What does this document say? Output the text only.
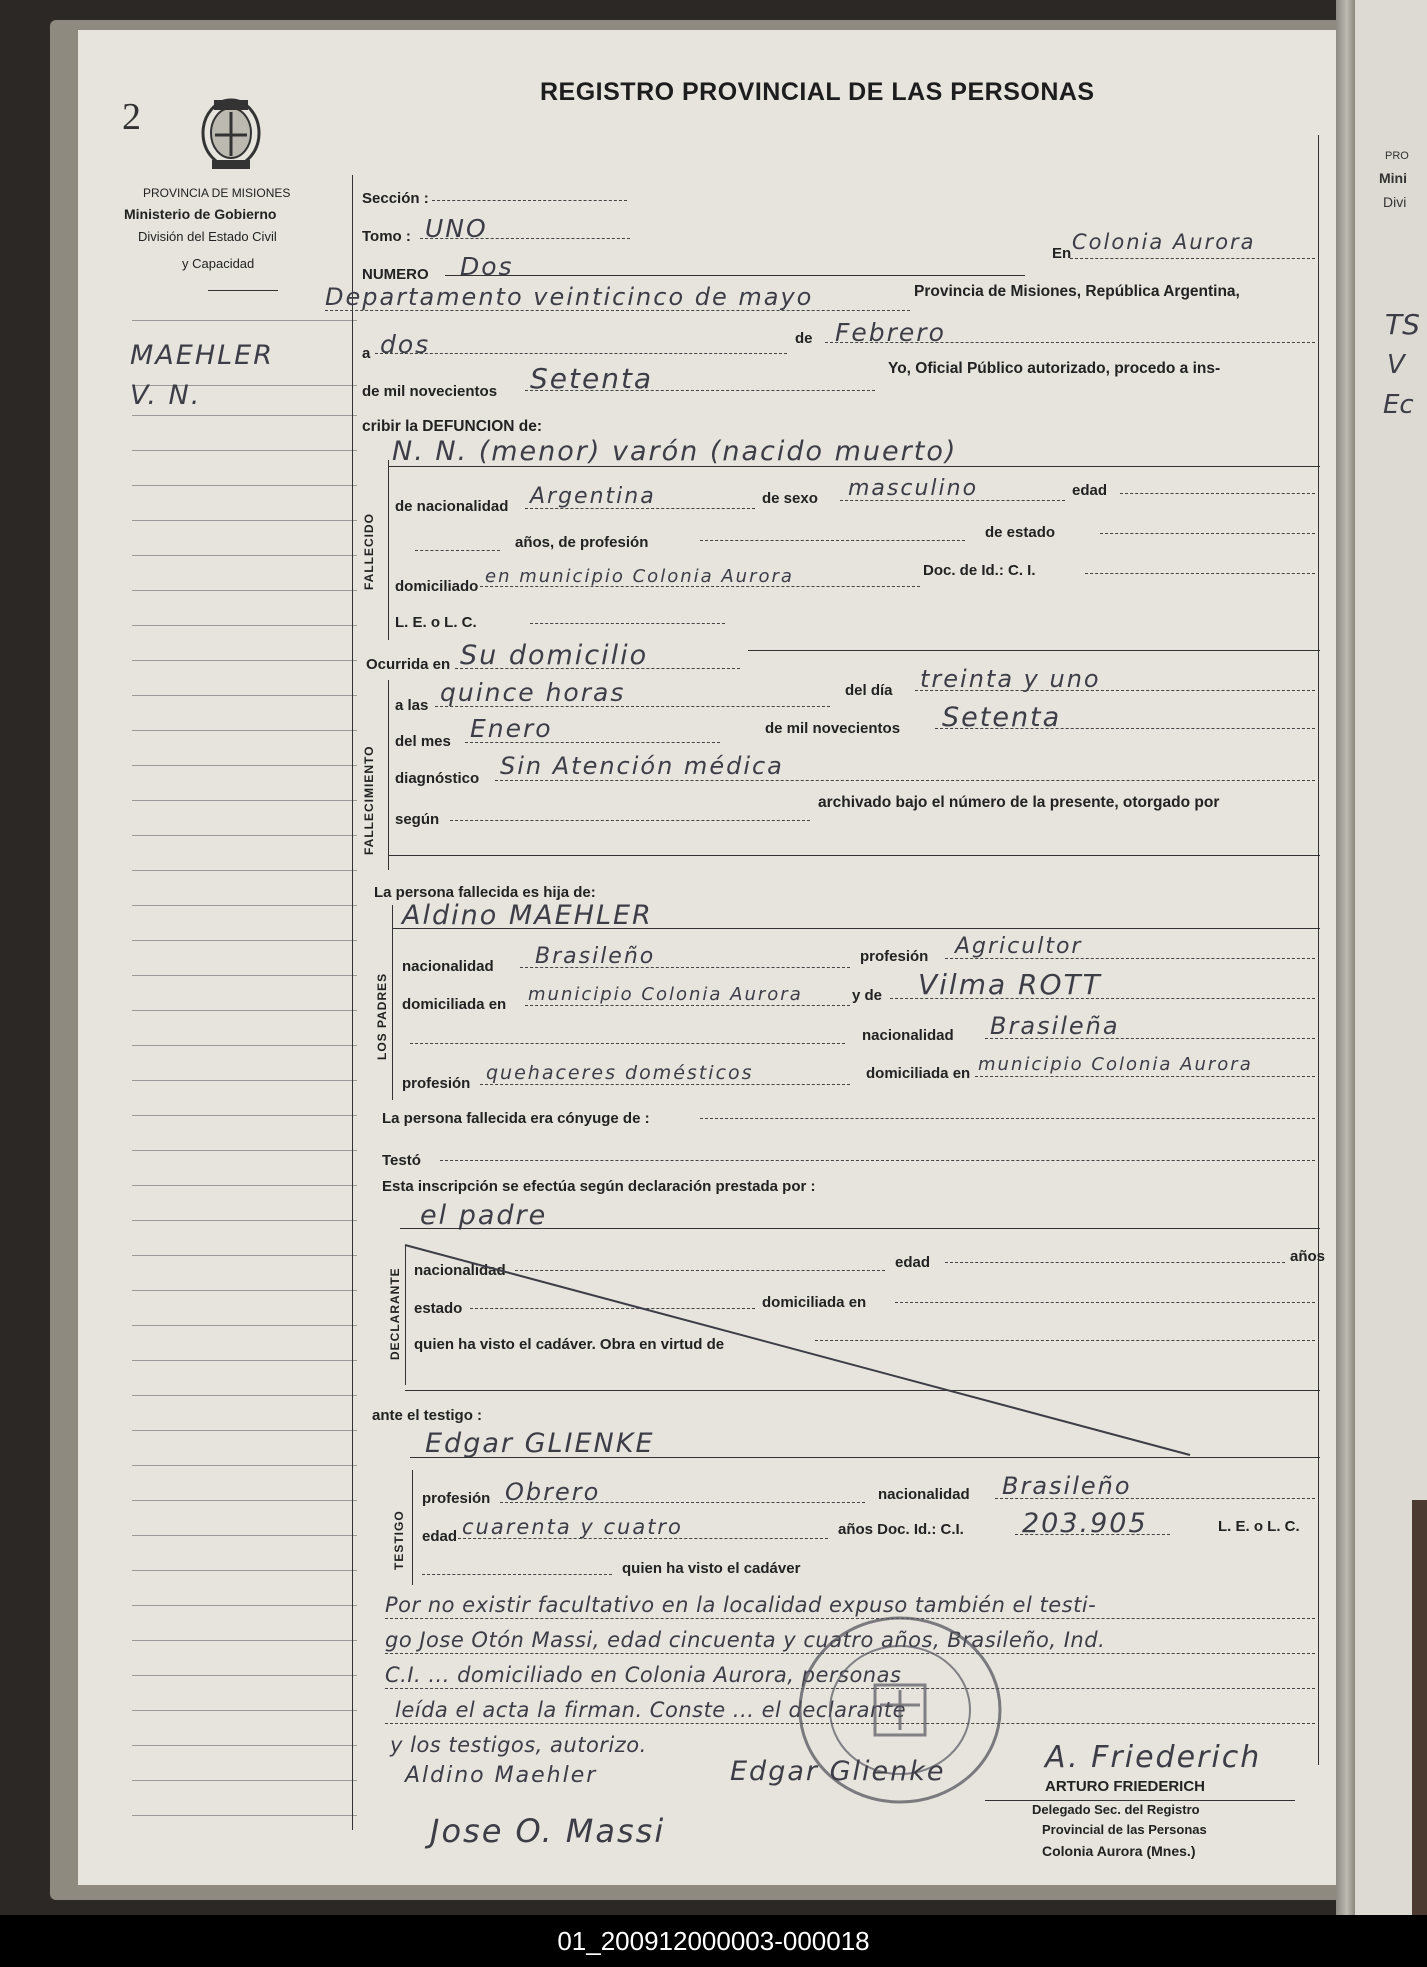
PRO
Mini
Divi
TS
V
Ec
2
REGISTRO PROVINCIAL DE LAS PERSONAS
PROVINCIA DE MISIONES
Ministerio de Gobierno
División del Estado Civil
y Capacidad
MAEHLER
V. N.
Sección :
Tomo : UNO
NUMERO Dos	En Colonia Aurora
Departamento veinticinco de mayo	Provincia de Misiones, República Argentina,
a dos	de Febrero
de mil novecientos Setenta	Yo, Oficial Público autorizado, procedo a ins-
cribir la DEFUNCION de:
FALLECIDO
N. N. (menor) varón (nacido muerto)
de nacionalidad Argentina	de sexo masculino	edad
años, de profesión
de estado
domiciliado en municipio Colonia Aurora	Doc. de Id.: C. I.
L. E. o L. C.
Ocurrida en Su domicilio
FALLECIMIENTO
a las quince horas	del día treinta y uno
del mes Enero	de mil novecientos Setenta
diagnóstico Sin Atención médica
según
archivado bajo el número de la presente, otorgado por
La persona fallecida es hija de:
LOS PADRES
Aldino MAEHLER
nacionalidad Brasileño	profesión Agricultor
domiciliada en municipio Colonia Aurora	y de Vilma ROTT
nacionalidad Brasileña
profesión quehaceres domésticos	domiciliada en municipio Colonia Aurora
La persona fallecida era cónyuge de :
Testó
Esta inscripción se efectúa según declaración prestada por :
el padre
DECLARANTE nacionalidad	edad	años
estado	domiciliada en
quien ha visto el cadáver. Obra en virtud de
ante el testigo :
Edgar GLIENKE
TESTIGO
profesión Obrero	nacionalidad Brasileño
edad cuarenta y cuatro	años Doc. Id.: C.I. 203.905	L. E. o L. C.
quien ha visto el cadáver
Por no existir facultativo en la localidad expuso también el testi-
go Jose Otón Massi, edad cincuenta y cuatro años, Brasileño, Ind.
C.I. ... domiciliado en Colonia Aurora, personas
leída el acta la firman. Conste ... el declarante
y los testigos, autorizo.
Aldino Maehler	Edgar Glienke	A. Friederich
Jose O. Massi
ARTURO FRIEDERICH
Delegado Sec. del Registro
Provincial de las Personas
Colonia Aurora (Mnes.)
01_200912000003-000018
